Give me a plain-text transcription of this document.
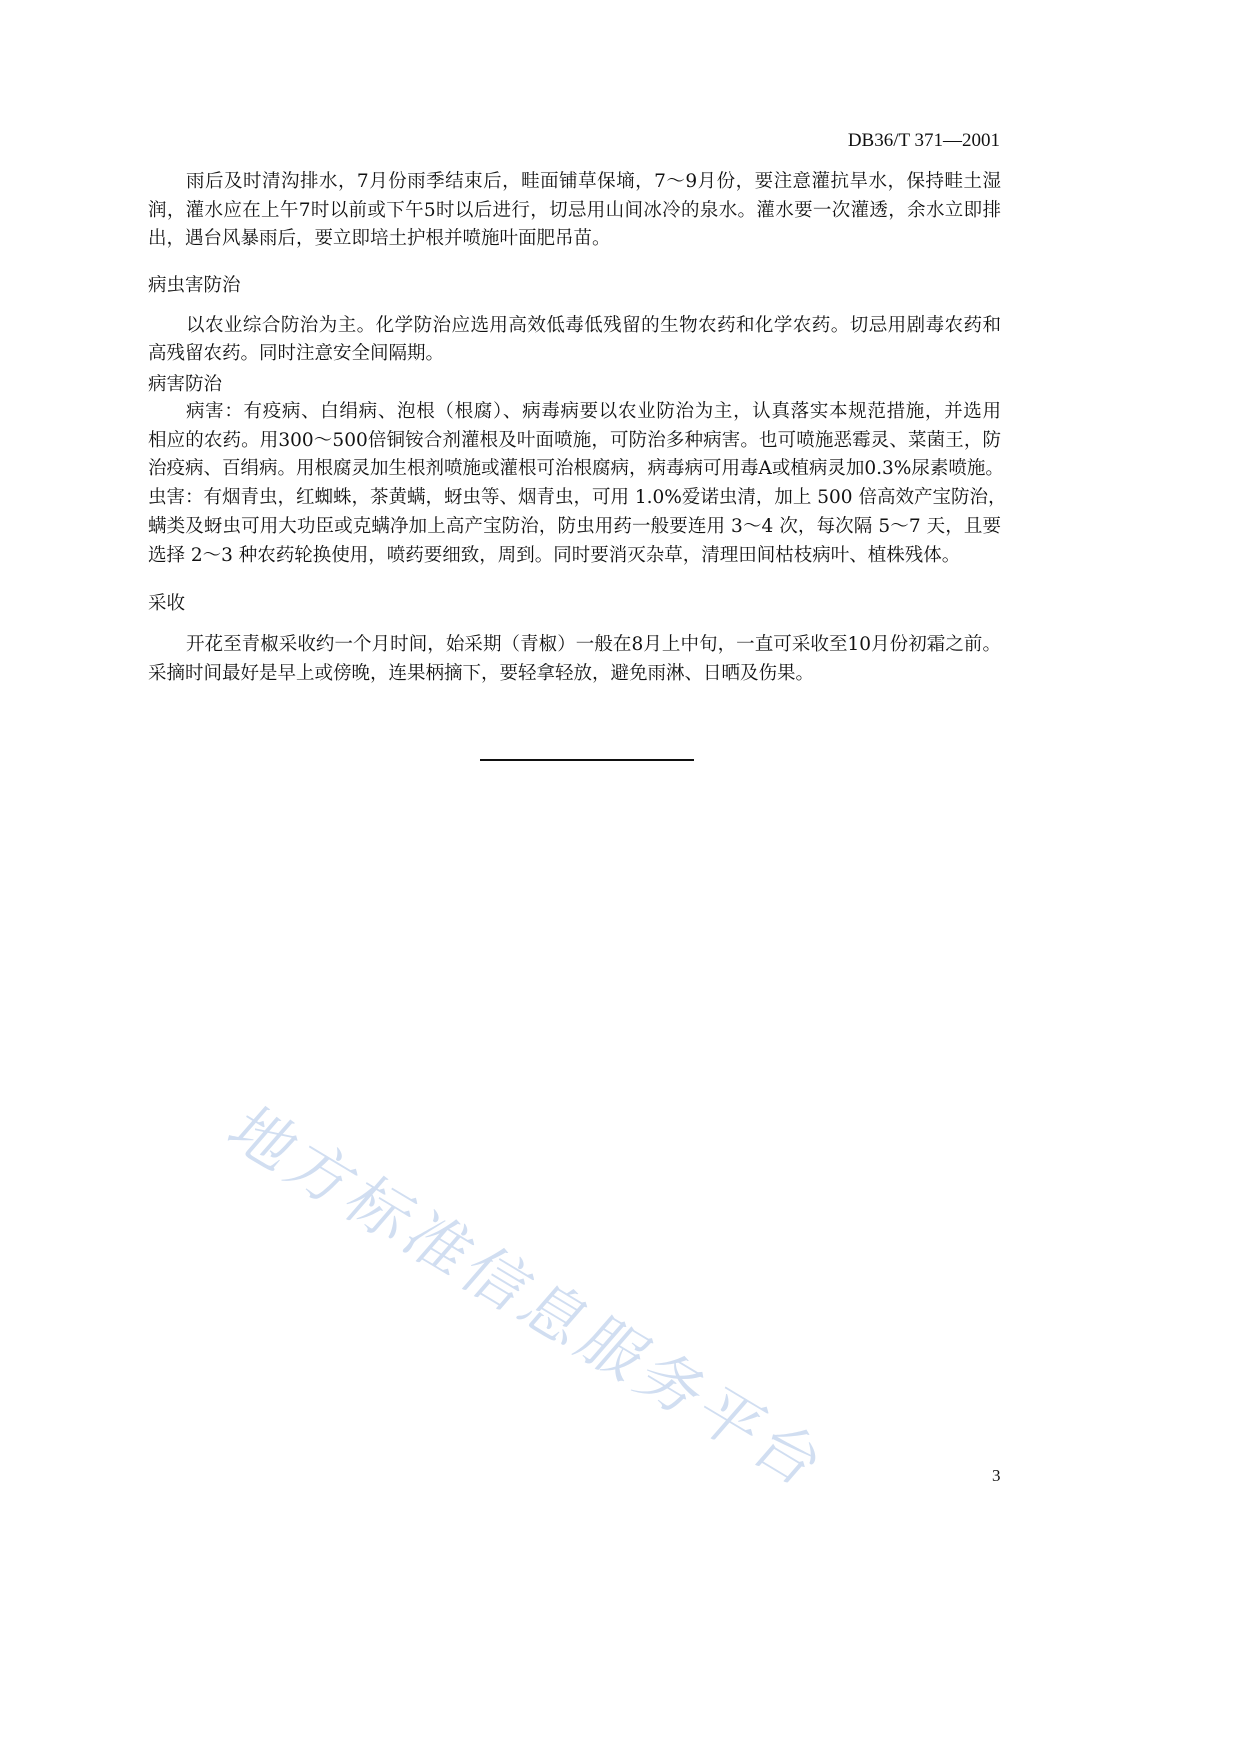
DB36/T 371—2001
雨后及时清沟排水，7月份雨季结束后，畦面铺草保墒，7～9月份，要注意灌抗旱水，保持畦土湿
润，灌水应在上午7时以前或下午5时以后进行，切忌用山间冰冷的泉水。灌水要一次灌透，余水立即排
出，遇台风暴雨后，要立即培土护根并喷施叶面肥吊苗。
病虫害防治
以农业综合防治为主。化学防治应选用高效低毒低残留的生物农药和化学农药。切忌用剧毒农药和
高残留农药。同时注意安全间隔期。
病害防治
病害：有疫病、白绢病、泡根（根腐）、病毒病要以农业防治为主，认真落实本规范措施，并选用
相应的农药。用300～500倍铜铵合剂灌根及叶面喷施，可防治多种病害。也可喷施恶霉灵、菜菌王，防
治疫病、百绢病。用根腐灵加生根剂喷施或灌根可治根腐病，病毒病可用毒A或植病灵加0.3%尿素喷施。
虫害：有烟青虫，红蜘蛛，茶黄螨，蚜虫等、烟青虫，可用 1.0%爱诺虫清，加上 500 倍高效产宝防治，
螨类及蚜虫可用大功臣或克螨净加上高产宝防治，防虫用药一般要连用 3～4 次，每次隔 5～7 天，且要
选择 2～3 种农药轮换使用，喷药要细致，周到。同时要消灭杂草，清理田间枯枝病叶、植株残体。
采收
开花至青椒采收约一个月时间，始采期（青椒）一般在8月上中旬，一直可采收至10月份初霜之前。
采摘时间最好是早上或傍晚，连果柄摘下，要轻拿轻放，避免雨淋、日晒及伤果。
地方标准信息服务平台	3
